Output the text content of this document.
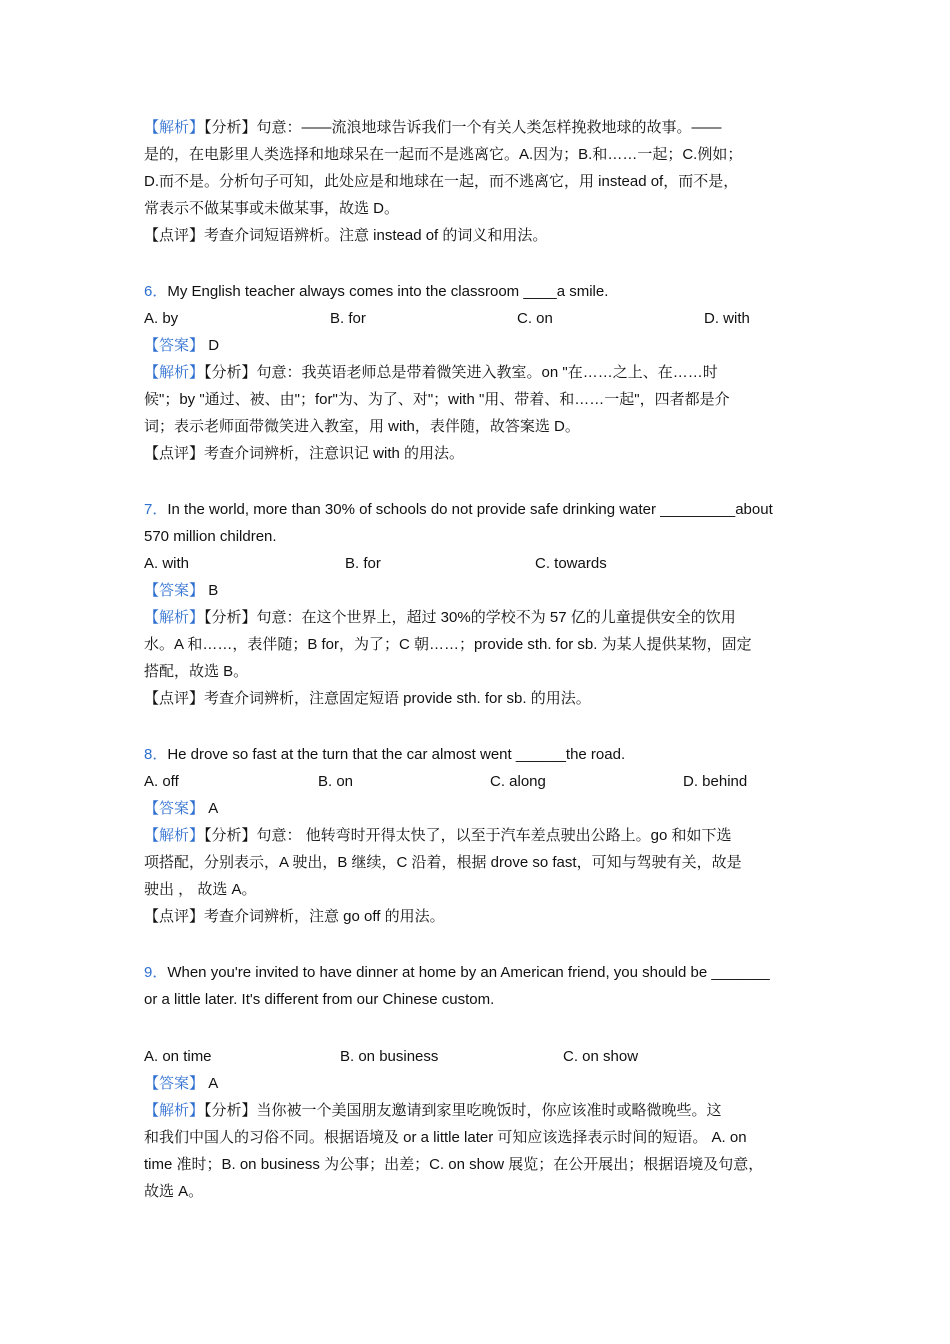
【解析】【分析】句意：——流浪地球告诉我们一个有关人类怎样挽救地球的故事。——
是的，在电影里人类选择和地球呆在一起而不是逃离它。A.因为；B.和……一起；C.例如；
D.而不是。分析句子可知，此处应是和地球在一起，而不逃离它，用 instead of，而不是，
常表示不做某事或未做某事，故选 D。
【点评】考查介词短语辨析。注意 instead of 的词义和用法。
6．My English teacher always comes into the classroom ____a smile.
A. by	B. for	C. on	D. with
【答案】 D
【解析】【分析】句意：我英语老师总是带着微笑进入教室。on "在……之上、在……时
候"；by "通过、被、由"；for"为、为了、对"；with "用、带着、和……一起"，四者都是介
词；表示老师面带微笑进入教室，用 with，表伴随，故答案选 D。
【点评】考查介词辨析，注意识记 with 的用法。
7．In the world, more than 30% of schools do not provide safe drinking water _________about
570 million children.
A. with	B. for	C. towards
【答案】 B
【解析】【分析】句意：在这个世界上，超过 30%的学校不为 57 亿的儿童提供安全的饮用
水。A 和……，表伴随；B for，为了；C 朝……；provide sth. for sb. 为某人提供某物，固定
搭配，故选 B。
【点评】考查介词辨析，注意固定短语 provide sth. for sb. 的用法。
8．He drove so fast at the turn that the car almost went ______the road.
A. off	B. on	C. along	D. behind
【答案】 A
【解析】【分析】句意： 他转弯时开得太快了，以至于汽车差点驶出公路上。go 和如下选
项搭配，分别表示，A 驶出，B 继续，C 沿着，根据 drove so fast，可知与驾驶有关，故是
驶出 ， 故选 A。
【点评】考查介词辨析，注意 go off 的用法。
9．When you're invited to have dinner at home by an American friend, you should be _______
or a little later. It's different from our Chinese custom.
A. on time	B. on business	C. on show
【答案】 A
【解析】【分析】当你被一个美国朋友邀请到家里吃晚饭时，你应该准时或略微晚些。这
和我们中国人的习俗不同。根据语境及 or a little later 可知应该选择表示时间的短语。 A. on
time 准时；B. on business 为公事；出差；C. on show 展览；在公开展出；根据语境及句意，
故选 A。
